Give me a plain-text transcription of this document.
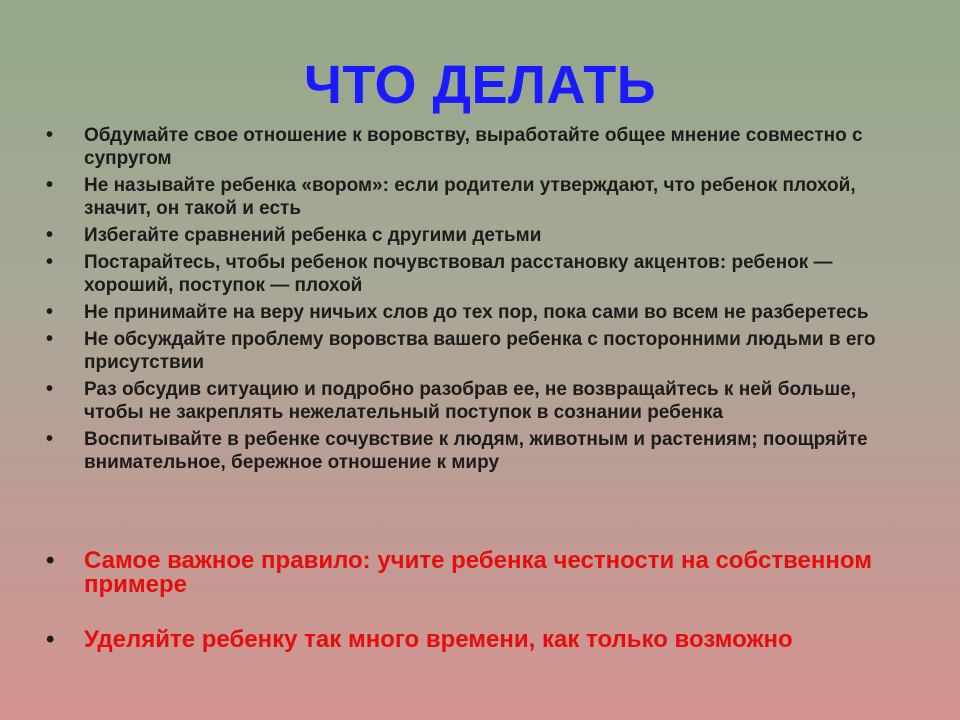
ЧТО ДЕЛАТЬ
• Обдумайте свое отношение к воровству, выработайте общее мнение совместно с супругом
• Не называйте ребенка «вором»: если родители утверждают, что ребенок плохой, значит, он такой и есть
• Избегайте сравнений ребенка с другими детьми
• Постарайтесь, чтобы ребенок почувствовал расстановку акцентов: ребенок — хороший, поступок — плохой
• Не принимайте на веру ничьих слов до тех пор, пока сами во всем не разберетесь
• Не обсуждайте проблему воровства вашего ребенка с посторонними людьми в его присутствии
• Раз обсудив ситуацию и подробно разобрав ее, не возвращайтесь к ней больше, чтобы не закреплять нежелательный поступок в сознании ребенка
• Воспитывайте в ребенке сочувствие к людям, животным и растениям; поощряйте внимательное, бережное отношение к миру
• Самое важное правило: учите ребенка честности на собственном примере
• Уделяйте ребенку так много времени, как только возможно
